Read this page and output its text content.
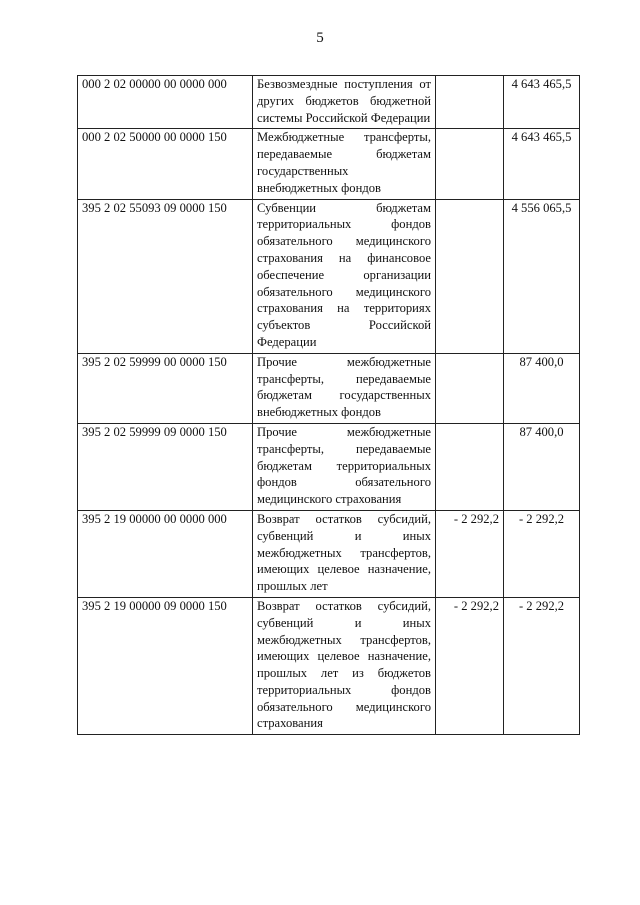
5
000 2 02 00000 00 0000 000	Безвозмездные поступления от других бюджетов бюджетной системы Российской Федерации		4 643 465,5
000 2 02 50000 00 0000 150	Межбюджетные трансферты, передаваемые бюджетам государственных внебюджетных фондов		4 643 465,5
395 2 02 55093 09 0000 150	Субвенции бюджетам территориальных фондов обязательного медицинского страхования на финансовое обеспечение организации обязательного медицинского страхования на территориях субъектов Российской Федерации		4 556 065,5
395 2 02 59999 00 0000 150	Прочие межбюджетные трансферты, передаваемые бюджетам государственных внебюджетных фондов		87 400,0
395 2 02 59999 09 0000 150	Прочие межбюджетные трансферты, передаваемые бюджетам территориальных фондов обязательного медицинского страхования		87 400,0
395 2 19 00000 00 0000 000	Возврат остатков субсидий, субвенций и иных межбюджетных трансфертов, имеющих целевое назначение, прошлых лет	- 2 292,2	- 2 292,2
395 2 19 00000 09 0000 150	Возврат остатков субсидий, субвенций и иных межбюджетных трансфертов, имеющих целевое назначение, прошлых лет из бюджетов территориальных фондов обязательного медицинского страхования	- 2 292,2	- 2 292,2
